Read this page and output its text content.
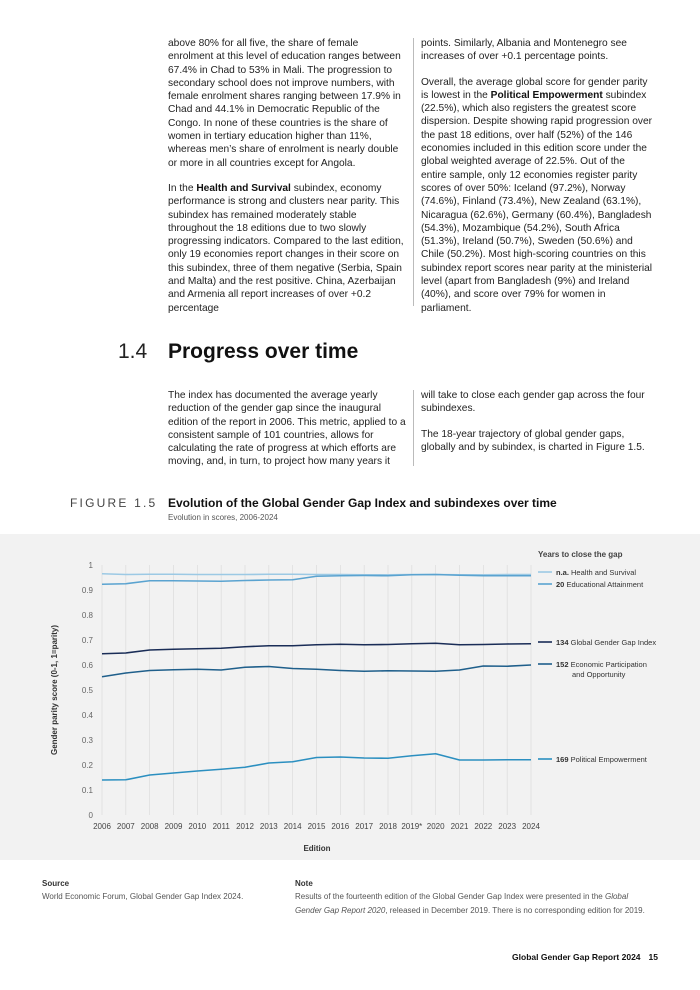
above 80% for all five, the share of female enrolment at this level of education ranges between 67.4% in Chad to 53% in Mali. The progression to secondary school does not improve numbers, with female enrolment shares ranging between 17.9% in Chad and 44.1% in Democratic Republic of the Congo. In none of these countries is the share of women in tertiary education higher than 11%, whereas men’s share of enrolment is nearly double or more in all countries except for Angola.

In the Health and Survival subindex, economy performance is strong and clusters near parity. This subindex has remained moderately stable throughout the 18 editions due to two slowly progressing indicators. Compared to the last edition, only 19 economies report changes in their score on this subindex, three of them negative (Serbia, Spain and Malta) and the rest positive. China, Azerbaijan and Armenia all report increases of over +0.2 percentage

points. Similarly, Albania and Montenegro see increases of over +0.1 percentage points.

Overall, the average global score for gender parity is lowest in the Political Empowerment subindex (22.5%), which also registers the greatest score dispersion. Despite showing rapid progression over the past 18 editions, over half (52%) of the 146 economies included in this edition score under the global weighted average of 22.5%. Out of the entire sample, only 12 economies register parity scores of over 50%: Iceland (97.2%), Norway (74.6%), Finland (73.4%), New Zealand (63.1%), Nicaragua (62.6%), Germany (60.4%), Bangladesh (54.3%), Mozambique (54.2%), South Africa (51.3%), Ireland (50.7%), Sweden (50.6%) and Chile (50.2%). Most high-scoring countries on this subindex report scores near parity at the ministerial level (apart from Bangladesh (9%) and Ireland (40%), and score over 79% for women in parliament.

1.4 Progress over time

The index has documented the average yearly reduction of the gender gap since the inaugural edition of the report in 2006. This metric, applied to a consistent sample of 101 countries, allows for calculating the rate of progress at which efforts are moving, and, in turn, to project how many years it

will take to close each gender gap across the four subindexes.

The 18-year trajectory of global gender gaps, globally and by subindex, is charted in Figure 1.5.

FIGURE 1.5 Evolution of the Global Gender Gap Index and subindexes over time
Evolution in scores, 2006-2024
0
0.1
0.2
0.3
0.4
0.5
0.6
0.7
0.8
0.9
1
2006 2007 2008 2009 2010 2011 2012 2013 2014 2015 2016 2017 2018 2019* 2020 2021 2022 2023 2024
Edition
Gender parity score (0-1, 1=parity)
Years to close the gap
n.a. Health and Survival
20 Educational Attainment
134 Global Gender Gap Index
152 Economic Participation and Opportunity
169 Political Empowerment
Source
World Economic Forum, Global Gender Gap Index 2024.
Note
Results of the fourteenth edition of the Global Gender Gap Index were presented in the Global Gender Gap Report 2020, released in December 2019. There is no corresponding edition for 2019.
Global Gender Gap Report 2024 15
